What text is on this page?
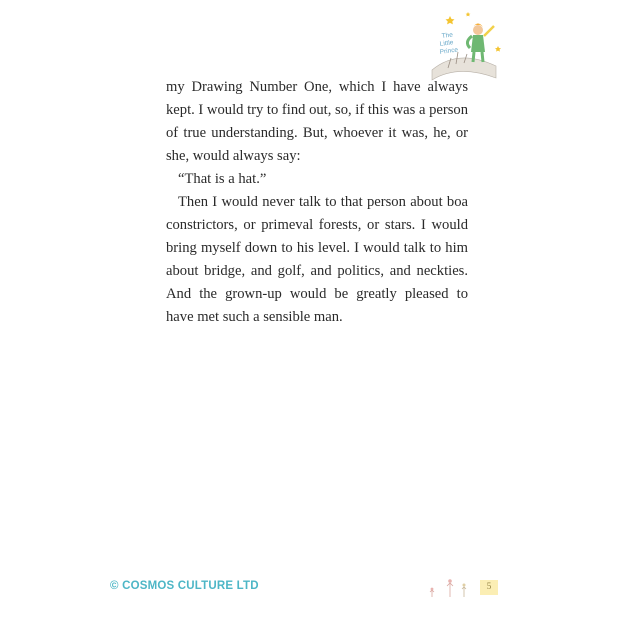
The
Little
Prince

my Drawing Number One, which I have always kept. I would try to find out, so, if this was a person of true understanding. But, whoever it was, he, or she, would always say:

“That is a hat.”

Then I would never talk to that person about boa constrictors, or primeval forests, or stars. I would bring myself down to his level. I would talk to him about bridge, and golf, and politics, and neckties. And the grown-up would be greatly pleased to have met such a sensible man.

© COSMOS CULTURE LTD	5
